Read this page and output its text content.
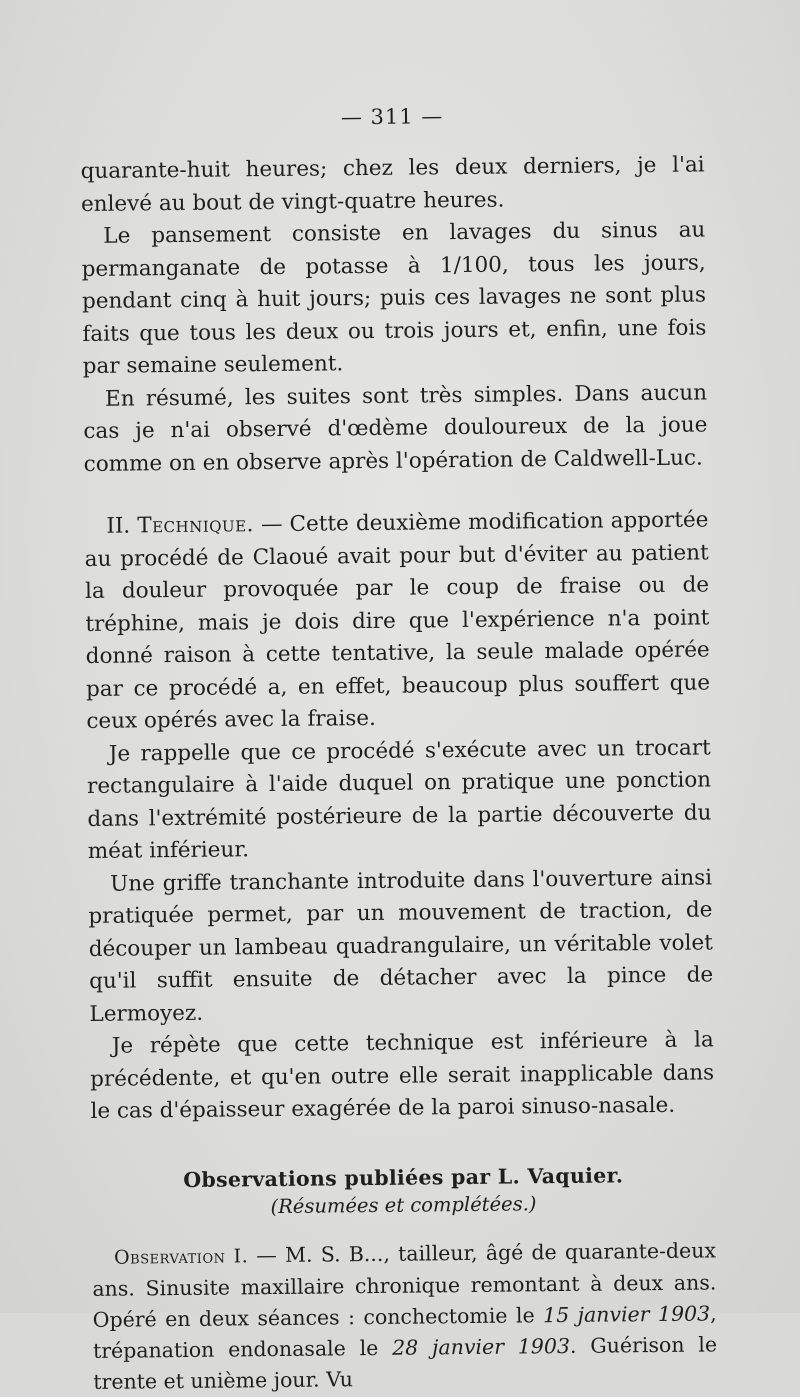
— 311 —

quarante-huit heures; chez les deux derniers, je l'ai enlevé au bout de vingt-quatre heures.

Le pansement consiste en lavages du sinus au permanganate de potasse à 1/100, tous les jours, pendant cinq à huit jours; puis ces lavages ne sont plus faits que tous les deux ou trois jours et, enfin, une fois par semaine seulement.

En résumé, les suites sont très simples. Dans aucun cas je n'ai observé d'œdème douloureux de la joue comme on en observe après l'opération de Caldwell-Luc.

II. Technique. — Cette deuxième modification apportée au procédé de Claoué avait pour but d'éviter au patient la douleur provoquée par le coup de fraise ou de tréphine, mais je dois dire que l'expérience n'a point donné raison à cette tentative, la seule malade opérée par ce procédé a, en effet, beaucoup plus souffert que ceux opérés avec la fraise.

Je rappelle que ce procédé s'exécute avec un trocart rectangulaire à l'aide duquel on pratique une ponction dans l'extrémité postérieure de la partie découverte du méat inférieur.

Une griffe tranchante introduite dans l'ouverture ainsi pratiquée permet, par un mouvement de traction, de découper un lambeau quadrangulaire, un véritable volet qu'il suffit ensuite de détacher avec la pince de Lermoyez.

Je répète que cette technique est inférieure à la précédente, et qu'en outre elle serait inapplicable dans le cas d'épaisseur exagérée de la paroi sinuso-nasale.

Observations publiées par L. Vaquier.
(Résumées et complétées.)

Observation I. — M. S. B..., tailleur, âgé de quarante-deux ans. Sinusite maxillaire chronique remontant à deux ans. Opéré en deux séances : conchectomie le 15 janvier 1903, trépanation endonasale le 28 janvier 1903. Guérison le trente et unième jour. Vu
